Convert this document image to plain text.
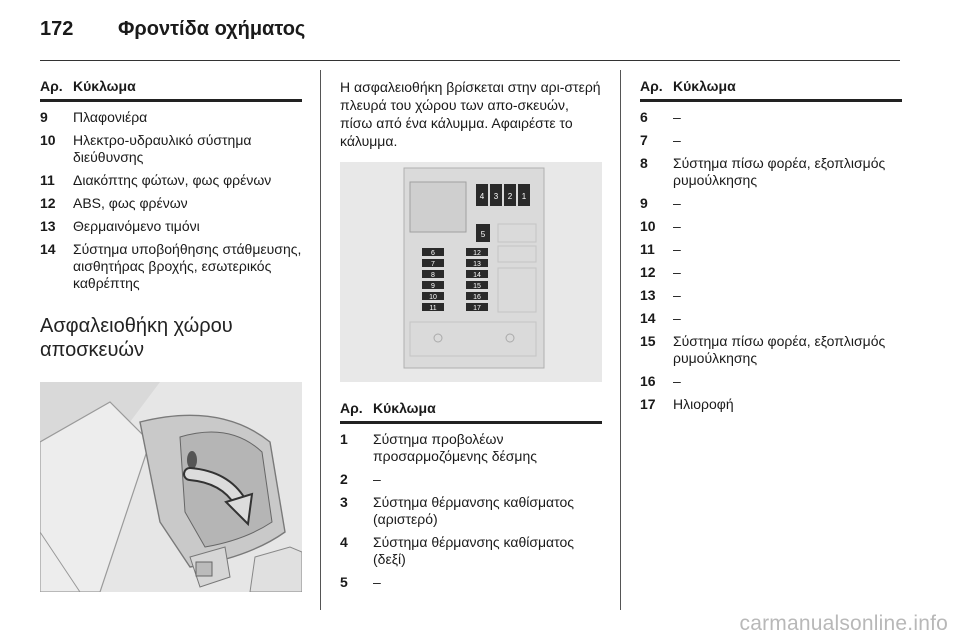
172	Φροντίδα οχήματος
Αρ. Κύκλωμα
9	Πλαφονιέρα
10	Ηλεκτρο-υδραυλικό σύστημα διεύθυνσης
11	Διακόπτης φώτων, φως φρένων
12	ABS, φως φρένων
13	Θερμαινόμενο τιμόνι
14	Σύστημα υποβοήθησης στάθμευσης, αισθητήρας βροχής, εσωτερικός καθρέπτης
Ασφαλειοθήκη χώρου αποσκευών
Η ασφαλειοθήκη βρίσκεται στην αρι-στερή πλευρά του χώρου των απο-σκευών, πίσω από ένα κάλυμμα. Αφαιρέστε το κάλυμμα.
4 3 2 1
5
6
7
8
9
10
11
12
13
14
15
16
17
Αρ. Κύκλωμα
1	Σύστημα προβολέων προσαρμοζόμενης δέσμης
2	–
3	Σύστημα θέρμανσης καθίσματος (αριστερό)
4	Σύστημα θέρμανσης καθίσματος (δεξί)
5	–
Αρ. Κύκλωμα
6	–
7	–
8	Σύστημα πίσω φορέα, εξοπλισμός ρυμούλκησης
9	–
10	–
11	–
12	–
13	–
14	–
15	Σύστημα πίσω φορέα, εξοπλισμός ρυμούλκησης
16	–
17	Ηλιοροφή
carmanualsonline.info
